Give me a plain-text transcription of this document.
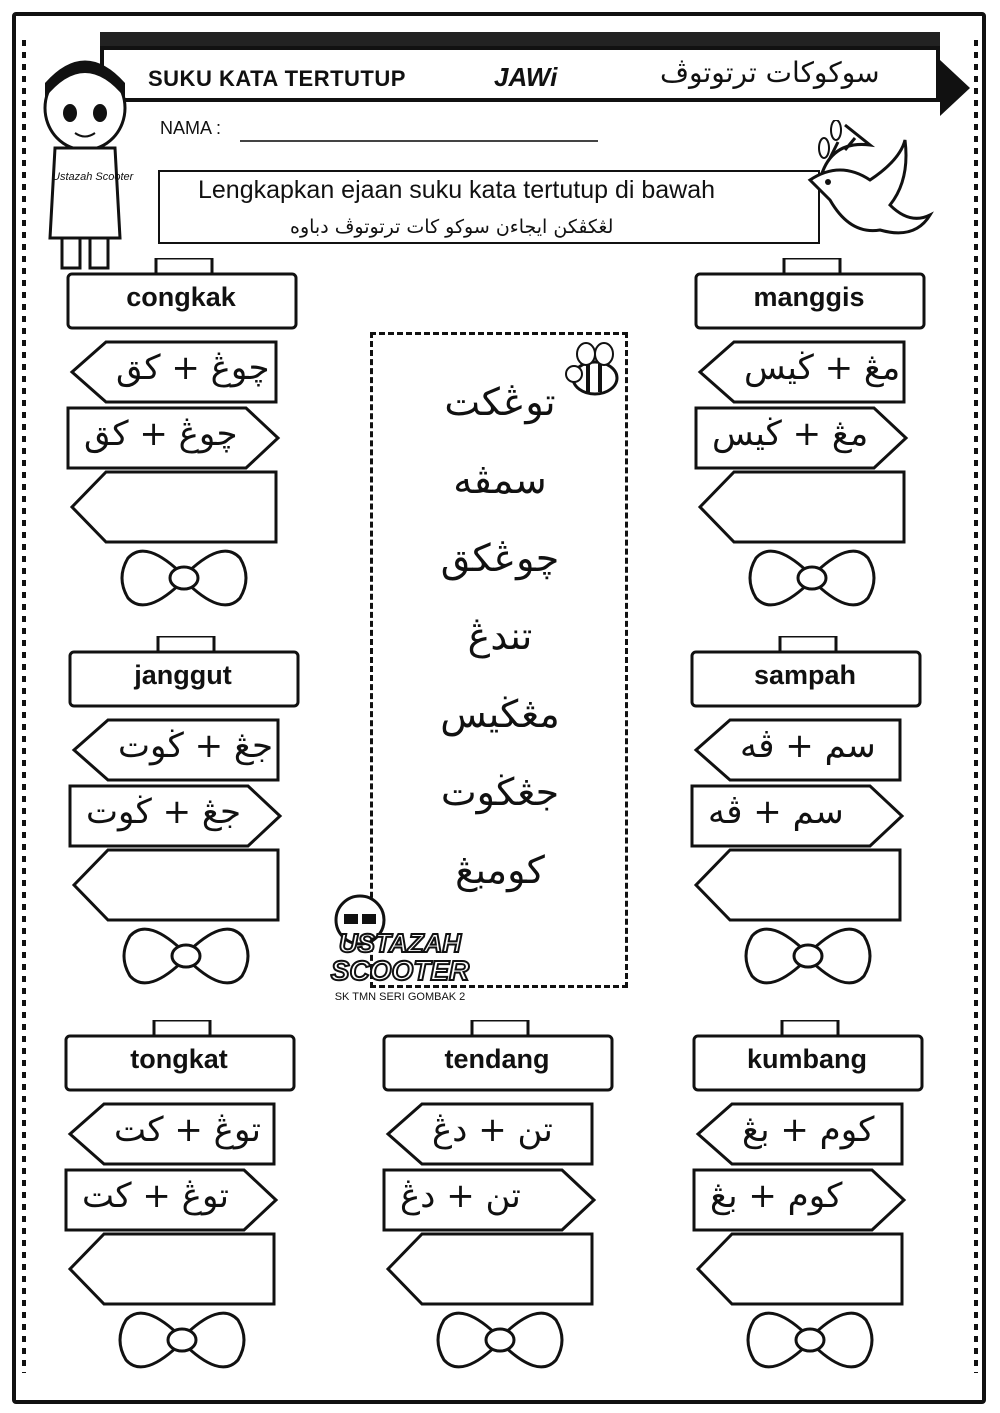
SUKU KATA TERTUTUP	JAWi	سوكوكات ترتوتوڤ
NAMA :
Ustazah Scooter	Lengkapkan ejaan suku kata tertutup di bawah
لڠكڤكن ايجاءن سوكو كات ترتوتوڤ دباوه
توڠكت
سمڤه
چوڠکق
تندڠ
مڠڬيس
جڠڬوت
کومبڠ
USTAZAH
SCOOTER
SK TMN SERI GOMBAK 2
congkak
چوڠ + کق
چوڠ + کق
manggis
مڠ + ڬيس
مڠ + ڬيس
janggut
جڠ + ڬوت
جڠ + ڬوت
sampah
سم + ڤه
سم + ڤه
tongkat
توڠ + کت
توڠ + کت
tendang
تن + دڠ
تن + دڠ
kumbang
کوم + بڠ
کوم + بڠ
